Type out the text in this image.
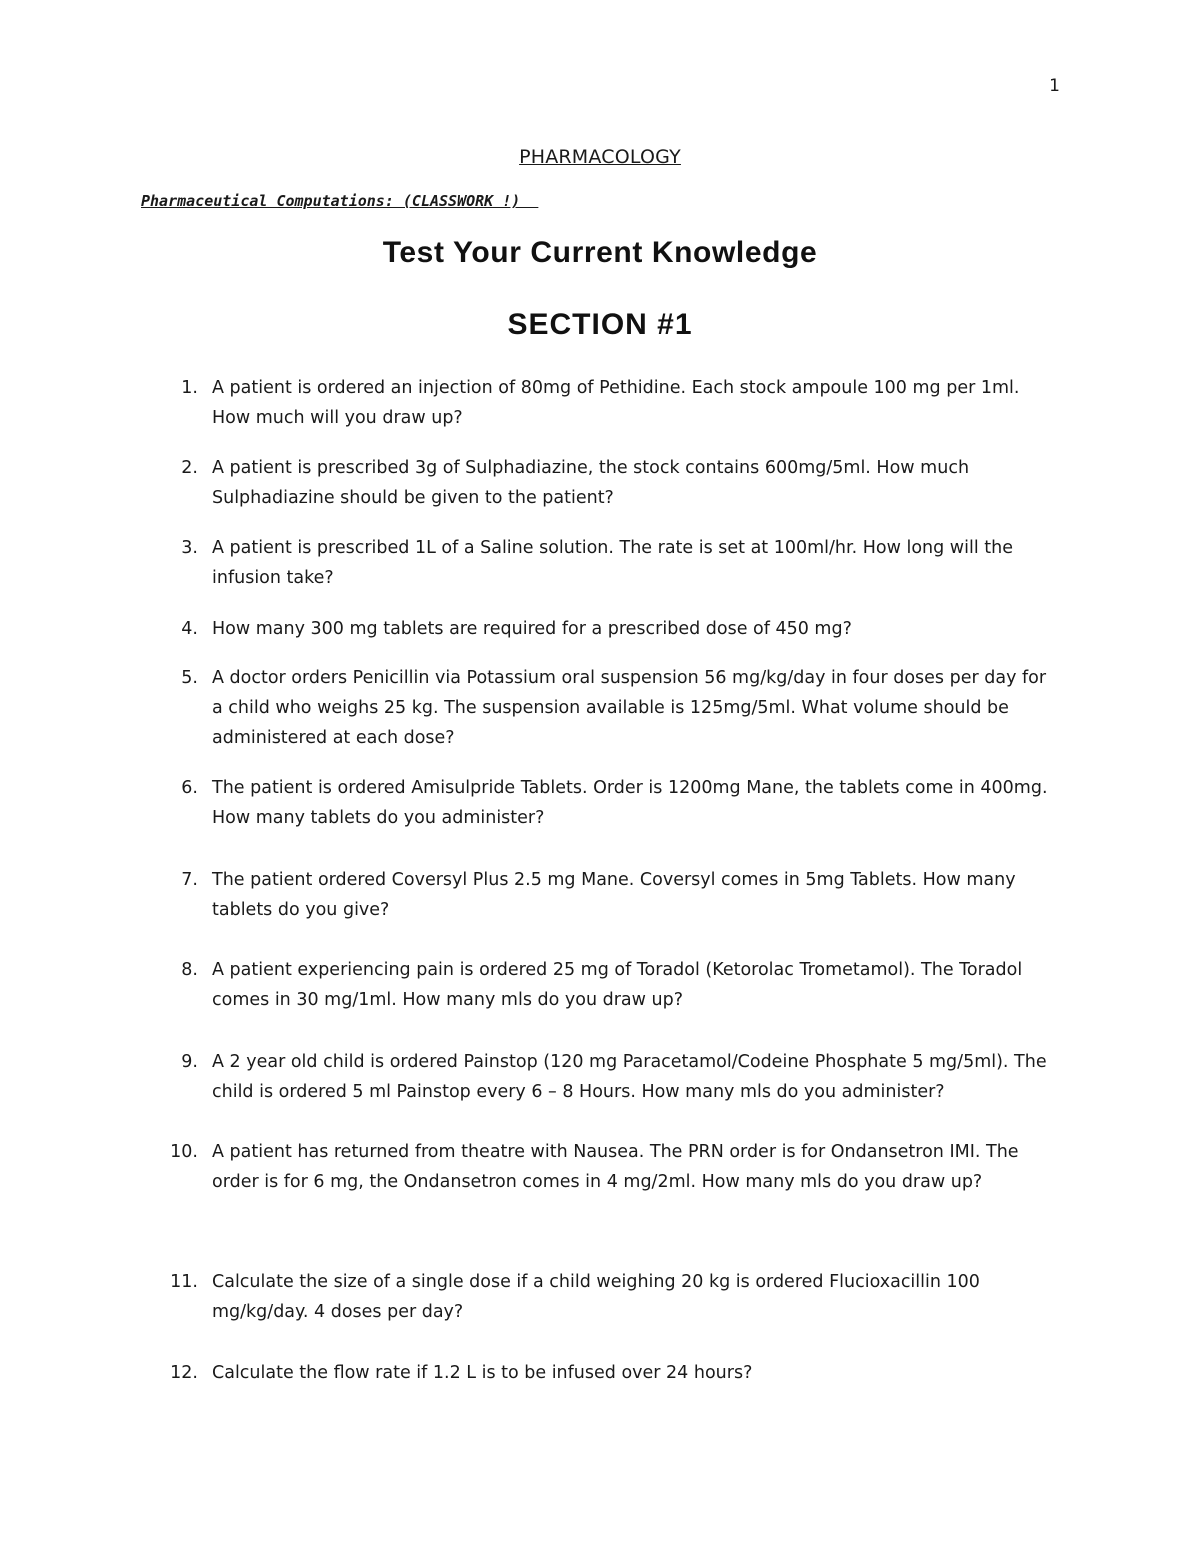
1
PHARMACOLOGY
Pharmaceutical Computations: (CLASSWORK !)
Test Your Current Knowledge
SECTION #1
1. A patient is ordered an injection of 80mg of Pethidine. Each stock ampoule 100 mg per 1ml. How much will you draw up?
2. A patient is prescribed 3g of Sulphadiazine, the stock contains 600mg/5ml. How much Sulphadiazine should be given to the patient?
3. A patient is prescribed 1L of a Saline solution. The rate is set at 100ml/hr. How long will the infusion take?
4. How many 300 mg tablets are required for a prescribed dose of 450 mg?
5. A doctor orders Penicillin via Potassium oral suspension 56 mg/kg/day in four doses per day for a child who weighs 25 kg. The suspension available is 125mg/5ml. What volume should be administered at each dose?
6. The patient is ordered Amisulpride Tablets. Order is 1200mg Mane, the tablets come in 400mg. How many tablets do you administer?
7. The patient ordered Coversyl Plus 2.5 mg Mane. Coversyl comes in 5mg Tablets. How many tablets do you give?
8. A patient experiencing pain is ordered 25 mg of Toradol (Ketorolac Trometamol). The Toradol comes in 30 mg/1ml. How many mls do you draw up?
9. A 2 year old child is ordered Painstop (120 mg Paracetamol/Codeine Phosphate 5 mg/5ml). The child is ordered 5 ml Painstop every 6 – 8 Hours. How many mls do you administer?
10. A patient has returned from theatre with Nausea. The PRN order is for Ondansetron IMI. The order is for 6 mg, the Ondansetron comes in 4 mg/2ml. How many mls do you draw up?
11. Calculate the size of a single dose if a child weighing 20 kg is ordered Flucioxacillin 100 mg/kg/day. 4 doses per day?
12. Calculate the flow rate if 1.2 L is to be infused over 24 hours?
